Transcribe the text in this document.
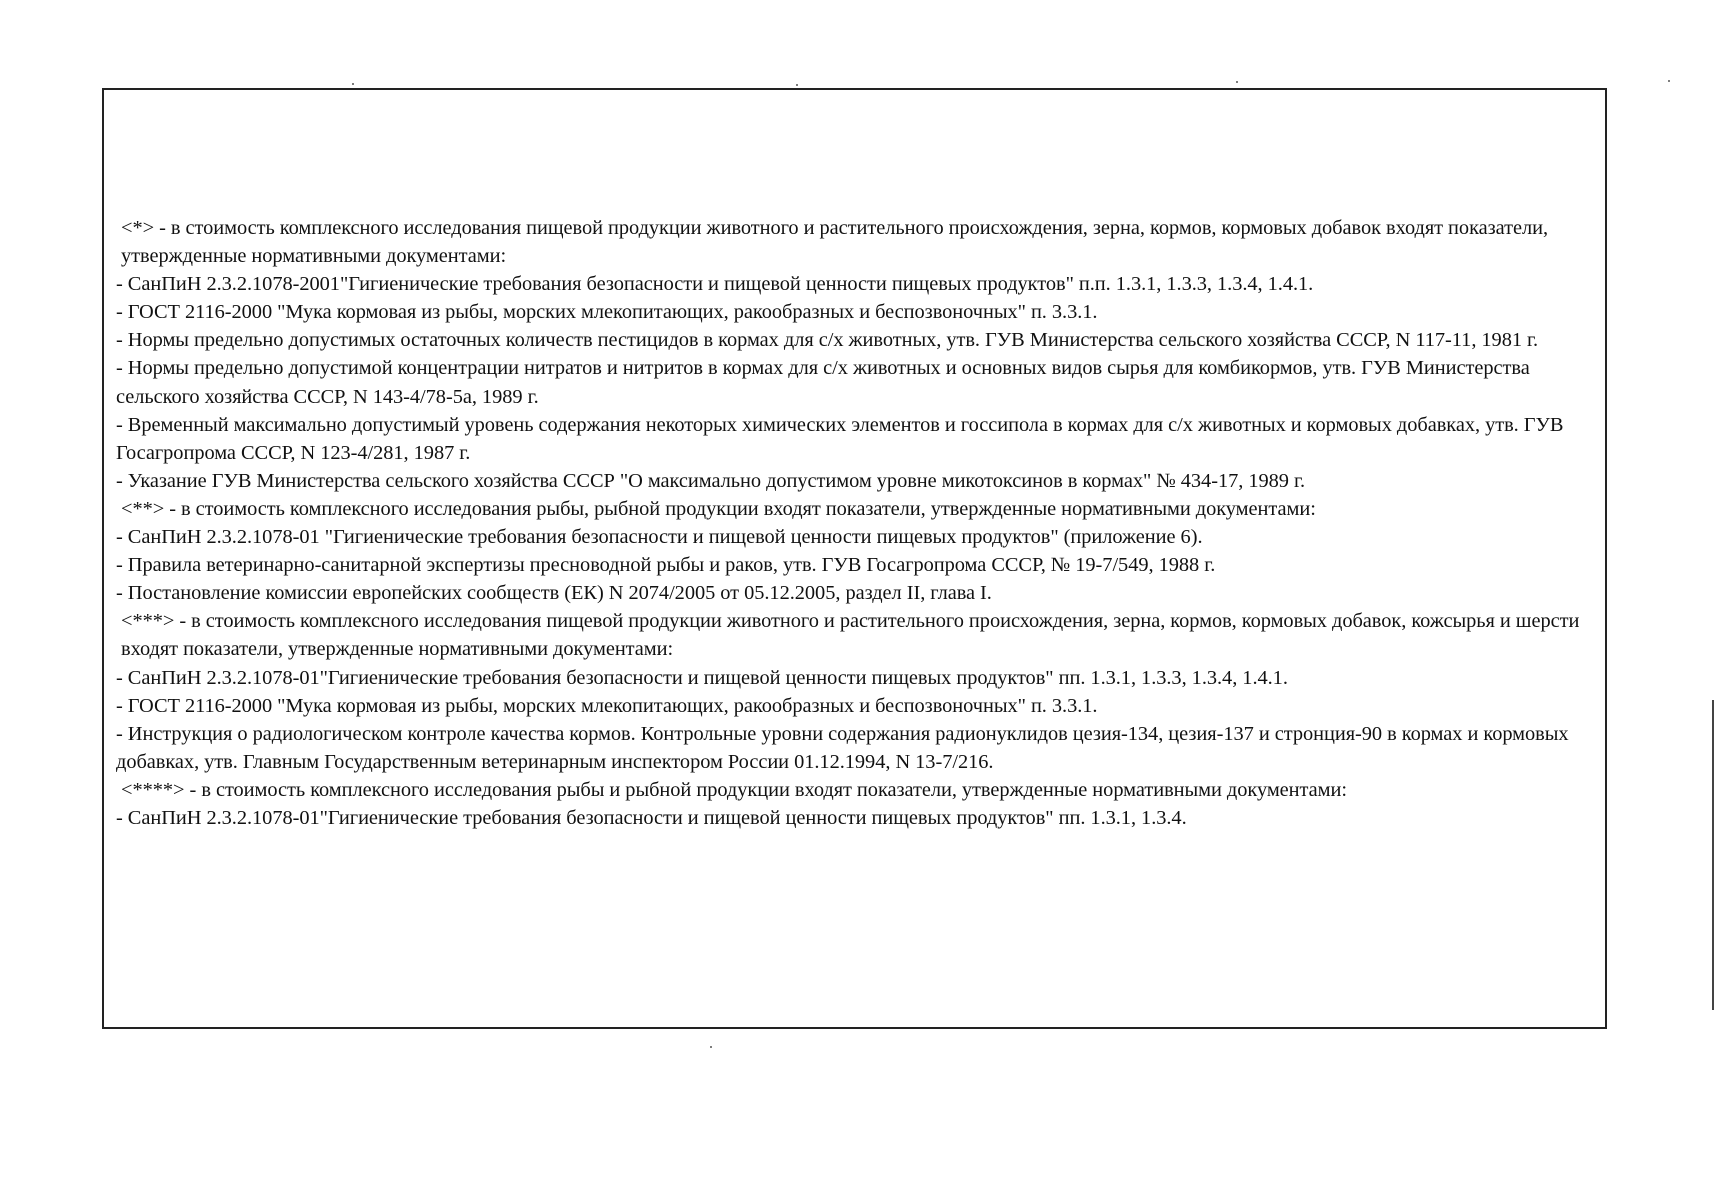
<*> - в стоимость комплексного исследования пищевой продукции животного и растительного происхождения, зерна, кормов, кормовых добавок входят показатели, утвержденные нормативными документами:
- СанПиН 2.3.2.1078-2001"Гигиенические требования безопасности и пищевой ценности пищевых продуктов" п.п. 1.3.1, 1.3.3, 1.3.4, 1.4.1.
- ГОСТ 2116-2000 "Мука кормовая из рыбы, морских млекопитающих, ракообразных и беспозвоночных" п. 3.3.1.
- Нормы предельно допустимых остаточных количеств пестицидов в кормах для с/х животных, утв. ГУВ Министерства сельского хозяйства СССР, N 117-11, 1981 г.
- Нормы предельно допустимой концентрации нитратов и нитритов в кормах для с/х животных и основных видов сырья для комбикормов, утв. ГУВ Министерства сельского хозяйства СССР, N 143-4/78-5а, 1989 г.
- Временный максимально допустимый уровень содержания некоторых химических элементов и госсипола в кормах для с/х животных и кормовых добавках, утв. ГУВ Госагропрома СССР, N 123-4/281, 1987 г.
- Указание ГУВ Министерства сельского хозяйства СССР "О максимально допустимом уровне микотоксинов в кормах" № 434-17, 1989 г.
<**> - в стоимость комплексного исследования рыбы, рыбной продукции входят показатели, утвержденные нормативными документами:
- СанПиН 2.3.2.1078-01 "Гигиенические требования безопасности и пищевой ценности пищевых продуктов" (приложение 6).
- Правила ветеринарно-санитарной экспертизы пресноводной рыбы и раков, утв. ГУВ Госагропрома СССР, № 19-7/549, 1988 г.
- Постановление комиссии европейских сообществ (ЕК) N 2074/2005 от 05.12.2005, раздел II, глава I.
<***> - в стоимость комплексного исследования пищевой продукции животного и растительного происхождения, зерна, кормов, кормовых добавок, кожсырья и шерсти входят показатели, утвержденные нормативными документами:
- СанПиН 2.3.2.1078-01"Гигиенические требования безопасности и пищевой ценности пищевых продуктов" пп. 1.3.1, 1.3.3, 1.3.4, 1.4.1.
- ГОСТ 2116-2000 "Мука кормовая из рыбы, морских млекопитающих, ракообразных и беспозвоночных" п. 3.3.1.
- Инструкция о радиологическом контроле качества кормов. Контрольные уровни содержания радионуклидов цезия-134, цезия-137 и стронция-90 в кормах и кормовых добавках, утв. Главным Государственным ветеринарным инспектором России 01.12.1994, N 13-7/216.
<****> - в стоимость комплексного исследования рыбы и рыбной продукции входят показатели, утвержденные нормативными документами:
- СанПиН 2.3.2.1078-01"Гигиенические требования безопасности и пищевой ценности пищевых продуктов" пп. 1.3.1, 1.3.4.
